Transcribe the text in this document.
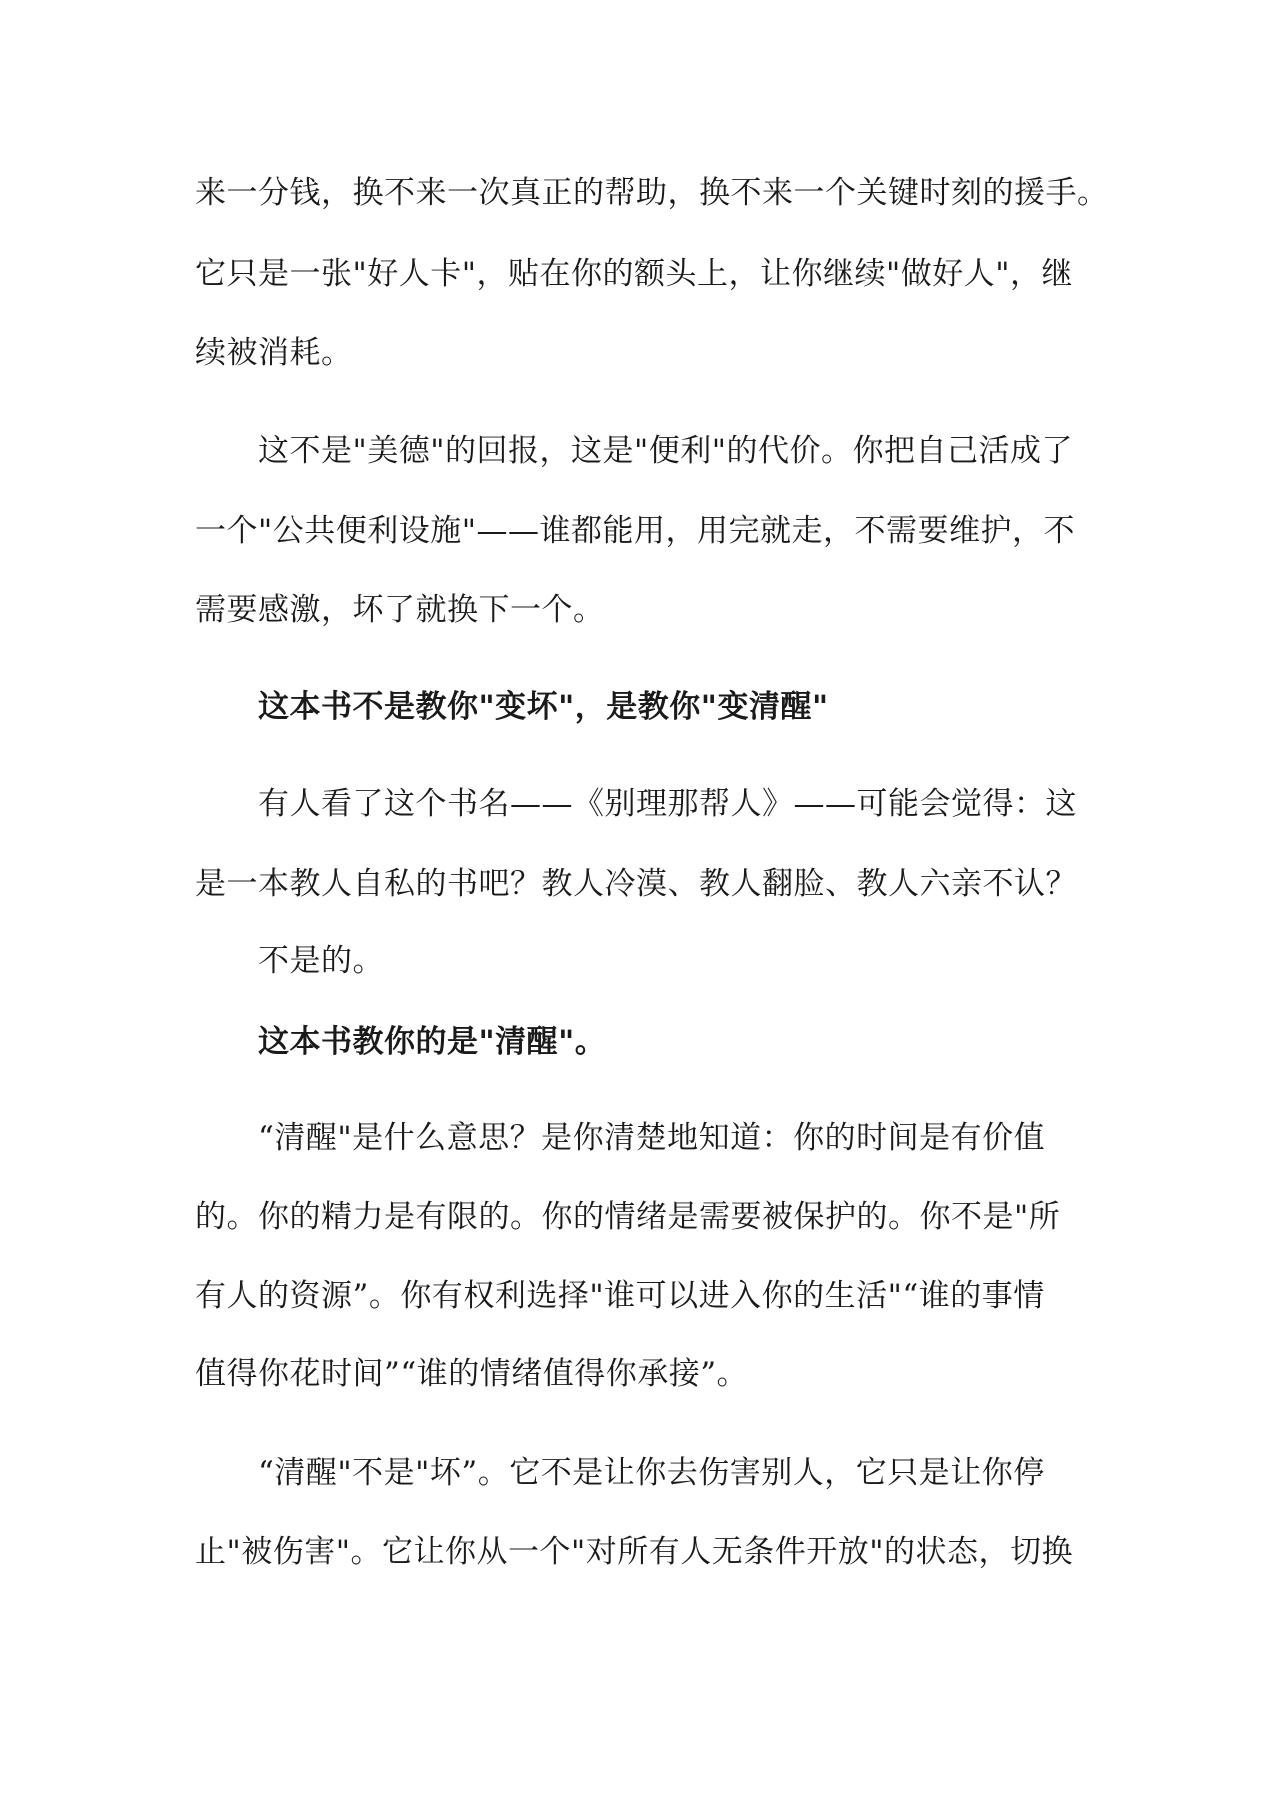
来一分钱，换不来一次真正的帮助，换不来一个关键时刻的援手。
它只是一张"好人卡"，贴在你的额头上，让你继续"做好人"，继
续被消耗。
这不是"美德"的回报，这是"便利"的代价。你把自己活成了
一个"公共便利设施"——谁都能用，用完就走，不需要维护，不
需要感激，坏了就换下一个。
这本书不是教你"变坏"，是教你"变清醒"
有人看了这个书名——《别理那帮人》——可能会觉得：这
是一本教人自私的书吧？教人冷漠、教人翻脸、教人六亲不认？
不是的。
这本书教你的是"清醒"。
“清醒"是什么意思？是你清楚地知道：你的时间是有价值
的。你的精力是有限的。你的情绪是需要被保护的。你不是"所
有人的资源”。你有权利选择"谁可以进入你的生活"“谁的事情
值得你花时间”“谁的情绪值得你承接”。
“清醒"不是"坏”。它不是让你去伤害别人，它只是让你停
止"被伤害"。它让你从一个"对所有人无条件开放"的状态，切换
